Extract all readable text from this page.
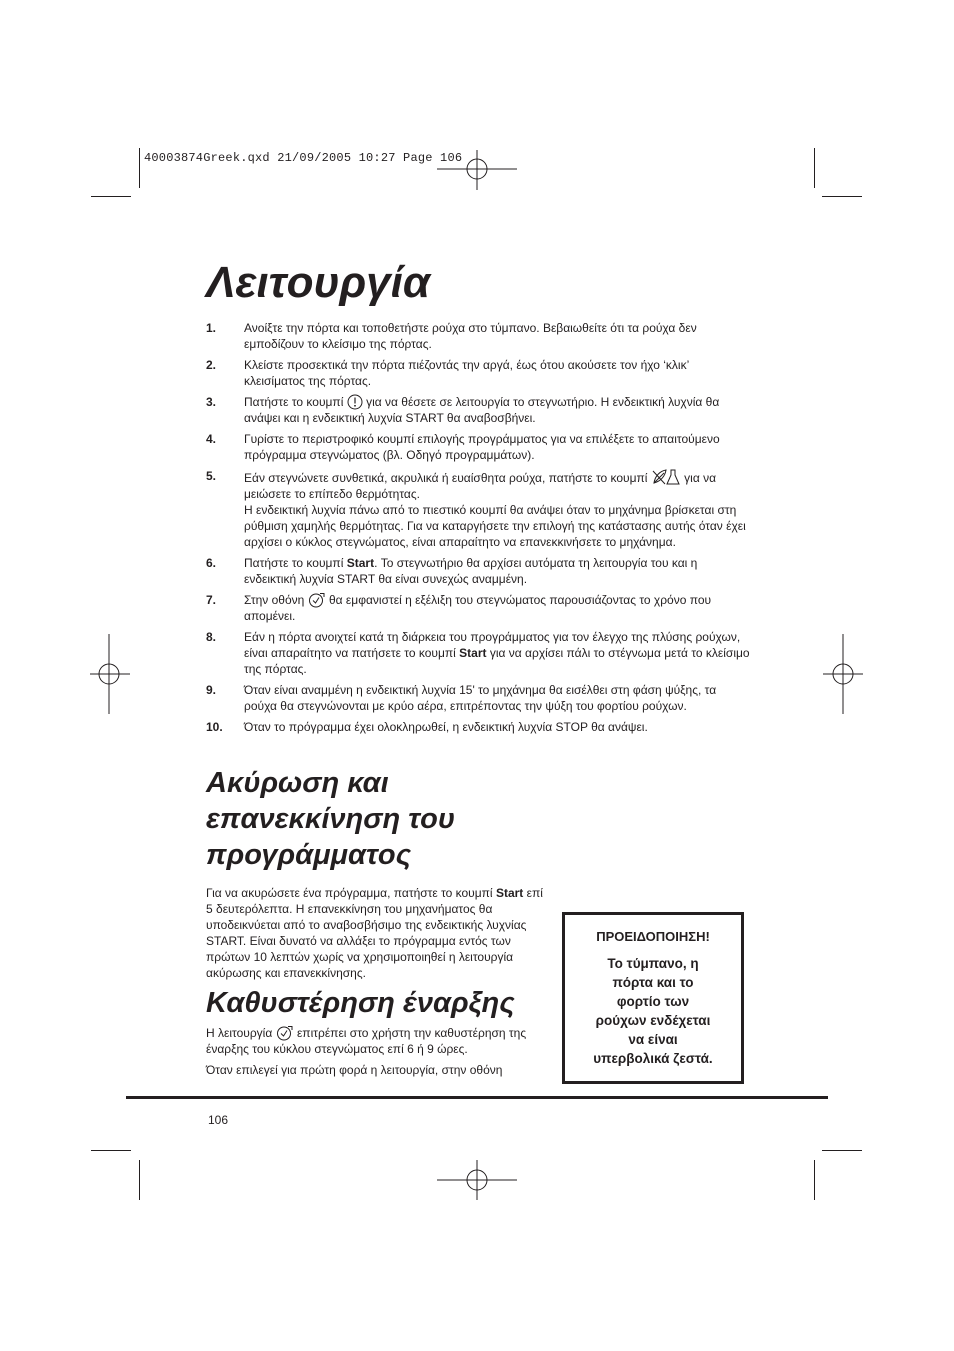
40003874Greek.qxd 21/09/2005 10:27 Page 106
Λειτουργία
1. Ανοίξτε την πόρτα και τοποθετήστε ρούχα στο τύμπανο. Βεβαιωθείτε ότι τα ρούχα δεν εμποδίζουν το κλείσιμο της πόρτας.
2. Κλείστε προσεκτικά την πόρτα πιέζοντάς την αργά, έως ότου ακούσετε τον ήχο ‘κλικ’ κλεισίματος της πόρτας.
3. Πατήστε το κουμπί για να θέσετε σε λειτουργία το στεγνωτήριο. Η ενδεικτική λυχνία θα ανάψει και η ενδεικτική λυχνία START θα αναβοσβήνει.
4. Γυρίστε το περιστροφικό κουμπί επιλογής προγράμματος για να επιλέξετε το απαιτούμενο πρόγραμμα στεγνώματος (βλ. Οδηγό προγραμμάτων).
5. Εάν στεγνώνετε συνθετικά, ακρυλικά ή ευαίσθητα ρούχα, πατήστε το κουμπί	για να μειώσετε το επίπεδο θερμότητας.
Η ενδεικτική λυχνία πάνω από το πιεστικό κουμπί θα ανάψει όταν το μηχάνημα βρίσκεται στη ρύθμιση χαμηλής θερμότητας. Για να καταργήσετε την επιλογή της κατάστασης αυτής όταν έχει αρχίσει ο κύκλος στεγνώματος, είναι απαραίτητο να επανεκκινήσετε το μηχάνημα.
6. Πατήστε το κουμπί Start. Το στεγνωτήριο θα αρχίσει αυτόματα τη λειτουργία του και η ενδεικτική λυχνία START θα είναι συνεχώς αναμμένη.
7. Στην οθόνη θα εμφανιστεί η εξέλιξη του στεγνώματος παρουσιάζοντας το χρόνο που απομένει.
8. Εάν η πόρτα ανοιχτεί κατά τη διάρκεια του προγράμματος για τον έλεγχο της πλύσης ρούχων, είναι απαραίτητο να πατήσετε το κουμπί Start για να αρχίσει πάλι το στέγνωμα μετά το κλείσιμο της πόρτας.
9. Όταν είναι αναμμένη η ενδεικτική λυχνία 15' το μηχάνημα θα εισέλθει στη φάση ψύξης, τα ρούχα θα στεγνώνονται με κρύο αέρα, επιτρέποντας την ψύξη του φορτίου ρούχων.
10. Όταν το πρόγραμμα έχει ολοκληρωθεί, η ενδεικτική λυχνία STOP θα ανάψει.
Ακύρωση και
επανεκκίνηση του
προγράμματος

Για να ακυρώσετε ένα πρόγραμμα, πατήστε το κουμπί Start επί 5 δευτερόλεπτα. Η επανεκκίνηση του μηχανήματος θα υποδεικνύεται από το αναβοσβήσιμο της ενδεικτικής λυχνίας START. Είναι δυνατό να αλλάξει το πρόγραμμα εντός των πρώτων 10 λεπτών χωρίς να χρησιμοποιηθεί η λειτουργία ακύρωσης και επανεκκίνησης.

Καθυστέρηση έναρξης

Η λειτουργία επιτρέπει στο χρήστη την καθυστέρηση της έναρξης του κύκλου στεγνώματος επί 6 ή 9 ώρες.

Όταν επιλεγεί για πρώτη φορά η λειτουργία, στην οθόνη

ΠΡΟΕΙΔΟΠΟΙΗΣΗ!
Το τύμπανο, η
πόρτα και το
φορτίο των
ρούχων ενδέχεται
να είναι
υπερβολικά ζεστά.
106
